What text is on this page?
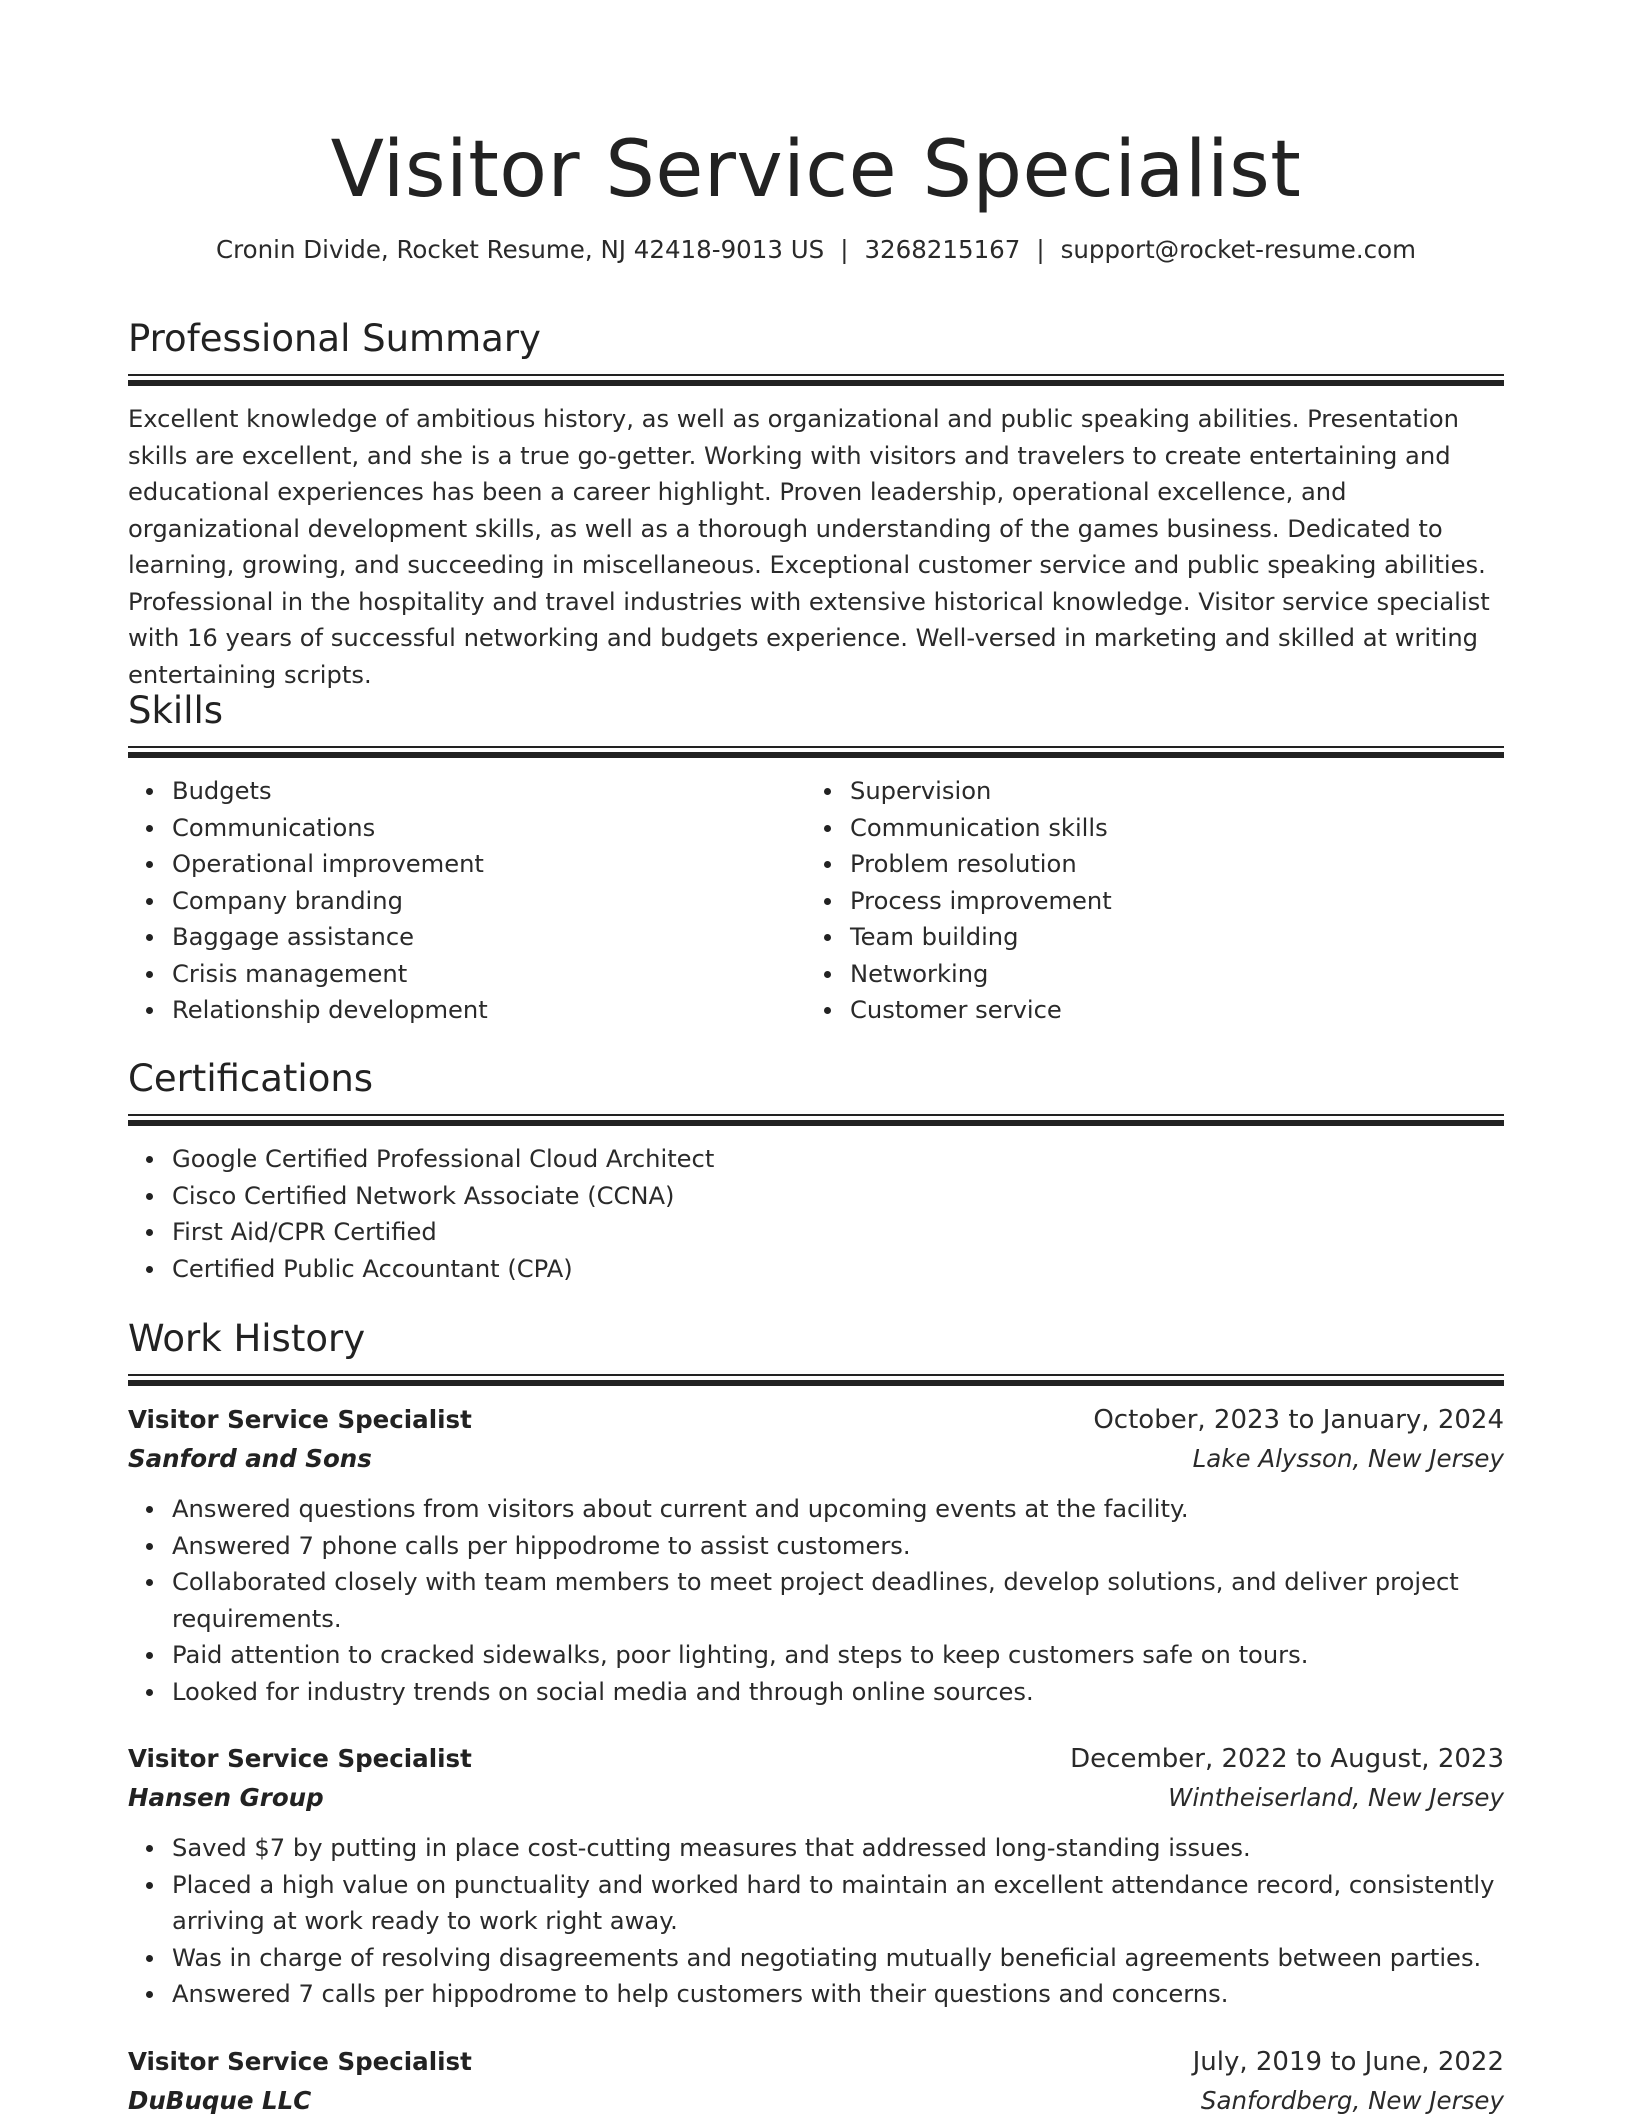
Visitor Service Specialist
Cronin Divide, Rocket Resume, NJ 42418-9013 US | 3268215167 | support@rocket-resume.com
Professional Summary
Excellent knowledge of ambitious history, as well as organizational and public speaking abilities. Presentation skills are excellent, and she is a true go-getter. Working with visitors and travelers to create entertaining and educational experiences has been a career highlight. Proven leadership, operational excellence, and organizational development skills, as well as a thorough understanding of the games business. Dedicated to learning, growing, and succeeding in miscellaneous. Exceptional customer service and public speaking abilities. Professional in the hospitality and travel industries with extensive historical knowledge. Visitor service specialist with 16 years of successful networking and budgets experience. Well-versed in marketing and skilled at writing entertaining scripts.
Skills
Budgets
Communications
Operational improvement
Company branding
Baggage assistance
Crisis management
Relationship development
Supervision
Communication skills
Problem resolution
Process improvement
Team building
Networking
Customer service
Certifications
Google Certified Professional Cloud Architect
Cisco Certified Network Associate (CCNA)
First Aid/CPR Certified
Certified Public Accountant (CPA)
Work History
Visitor Service Specialist	October, 2023 to January, 2024
Sanford and Sons	Lake Alysson, New Jersey
Answered questions from visitors about current and upcoming events at the facility.
Answered 7 phone calls per hippodrome to assist customers.
Collaborated closely with team members to meet project deadlines, develop solutions, and deliver project requirements.
Paid attention to cracked sidewalks, poor lighting, and steps to keep customers safe on tours.
Looked for industry trends on social media and through online sources.
Visitor Service Specialist	December, 2022 to August, 2023
Hansen Group	Wintheiserland, New Jersey
Saved $7 by putting in place cost-cutting measures that addressed long-standing issues.
Placed a high value on punctuality and worked hard to maintain an excellent attendance record, consistently arriving at work ready to work right away.
Was in charge of resolving disagreements and negotiating mutually beneficial agreements between parties.
Answered 7 calls per hippodrome to help customers with their questions and concerns.
Visitor Service Specialist	July, 2019 to June, 2022
DuBuque LLC	Sanfordberg, New Jersey
